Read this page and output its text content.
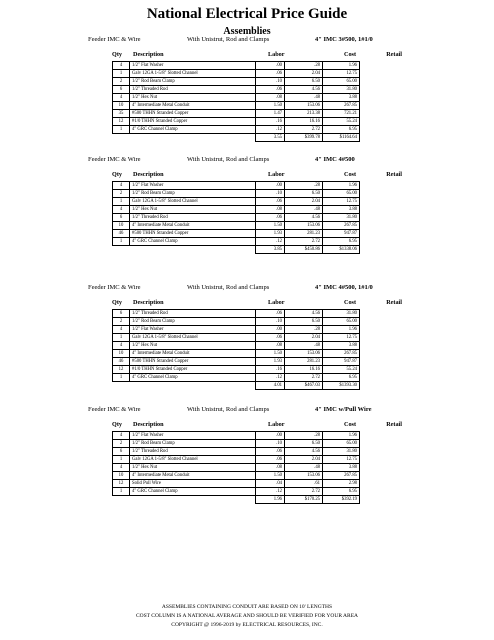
National Electrical Price Guide
Assemblies
Feeder IMC & Wire	With Unistrut, Rod and Clamps	4" IMC 3#500, 1#1/0
Qty Description	Labor	Cost	Retail
4	1/2" Flat Washer	.00	.28	1.96
1	Galv 12GA 1-5/8" Slotted Channel	.06	2.04	12.75
2	1/2" Rod Beam Clamp	.10	6.50	65.00
6	1/2" Threaded Rod	.06	4.56	31.80
4	1/2" Hex Nut	.08	.48	3.88
10	4" Intermediate Metal Conduit	1.50	153.06	267.85
35	#500 THHN Stranded Copper	1.47	213.38	721.21
12	#1/0 THHN Stranded Copper	.16	16.16	55.24
1	4" GRC Channel Clamp	.12	2.72	6.95
		3.55	$399.78	$1164.64
Feeder IMC & Wire	With Unistrut, Rod and Clamps	4" IMC 4#500
Qty Description	Labor	Cost	Retail
4	1/2" Flat Washer	.00	.28	1.96
2	1/2" Rod Beam Clamp	.10	6.50	65.00
1	Galv 12GA 1-5/8" Slotted Channel	.06	2.04	12.75
4	1/2" Hex Nut	.08	.48	3.88
6	1/2" Threaded Rod	.06	4.56	31.80
10	4" Intermediate Metal Conduit	1.50	153.06	267.85
46	#500 THHN Stranded Copper	1.93	281.23	947.87
1	4" GRC Channel Clamp	.12	2.72	6.95
		3.85	$450.86	$1338.06
Feeder IMC & Wire	With Unistrut, Rod and Clamps	4" IMC 4#500, 1#1/0
Qty Description	Labor	Cost	Retail
6	1/2" Threaded Rod	.06	4.56	31.80
2	1/2" Rod Beam Clamp	.10	6.50	65.00
4	1/2" Flat Washer	.00	.28	1.96
1	Galv 12GA 1-5/8" Slotted Channel	.06	2.04	12.75
4	1/2" Hex Nut	.08	.48	3.88
10	4" Intermediate Metal Conduit	1.50	153.06	267.85
46	#500 THHN Stranded Copper	1.93	281.23	947.87
12	#1/0 THHN Stranded Copper	.16	16.16	55.24
1	4" GRC Channel Clamp	.12	2.72	6.95
		4.01	$467.03	$1393.30
Feeder IMC & Wire	With Unistrut, Rod and Clamps	4" IMC w/Pull Wire
Qty Description	Labor	Cost	Retail
4	1/2" Flat Washer	.00	.28	1.96
2	1/2" Rod Beam Clamp	.10	6.50	65.00
6	1/2" Threaded Rod	.06	4.56	31.80
1	Galv 12GA 1-5/8" Slotted Channel	.06	2.04	12.75
4	1/2" Hex Nut	.08	.48	3.88
10	4" Intermediate Metal Conduit	1.50	153.06	267.85
12	Solid Pull Wire	.04	.61	2.98
1	4" GRC Channel Clamp	.12	2.72	6.95
		1.96	$170.25	$392.19
ASSEMBLIES CONTAINING CONDUIT ARE BASED ON 10' LENGTHS
COST COLUMN IS A NATIONAL AVERAGE AND SHOULD BE VERIFIED FOR YOUR AREA
COPYRIGHT @ 1996-2019 by ELECTRICAL RESOURCES, INC.
